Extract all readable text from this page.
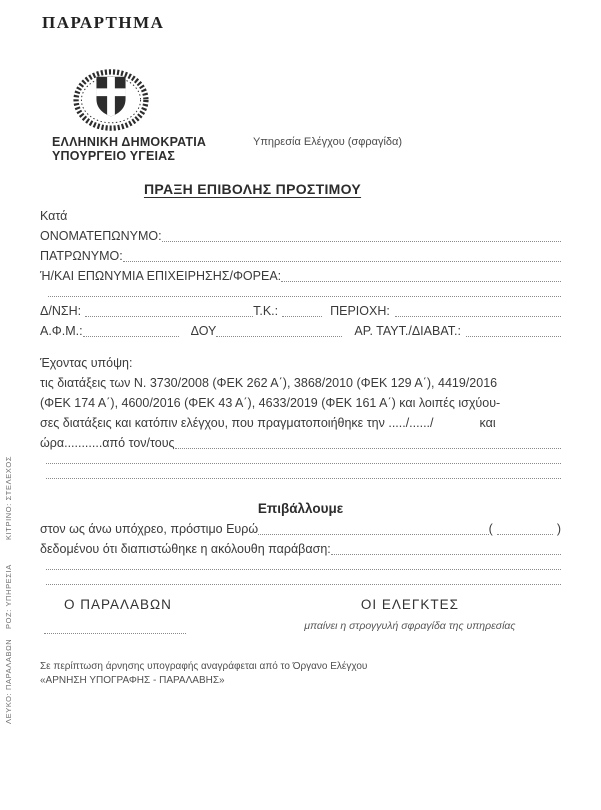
ΚΙΤΡΙΝΟ: ΣΤΕΛΕΧΟΣ
ΡΟΖ: ΥΠΗΡΕΣΙΑ
ΛΕΥΚΟ: ΠΑΡΑΛΑΒΩΝ
ΠΑΡΑΡΤΗΜΑ
ΕΛΛΗΝΙΚΗ ΔΗΜΟΚΡΑΤΙΑ
ΥΠΟΥΡΓΕΙΟ ΥΓΕΙΑΣ
Υπηρεσία Ελέγχου (σφραγίδα)
ΠΡΑΞΗ ΕΠΙΒΟΛΗΣ ΠΡΟΣΤΙΜΟΥ
Κατά
ΟΝΟΜΑΤΕΠΩΝΥΜΟ:
ΠΑΤΡΩΝΥΜΟ:
Ή/ΚΑΙ ΕΠΩΝΥΜΙΑ ΕΠΙΧΕΙΡΗΣΗΣ/ΦΟΡΕΑ:
Δ/ΝΣΗ:	Τ.Κ.:	ΠΕΡΙΟΧΗ:
Α.Φ.Μ.:	ΔΟΥ	ΑΡ. ΤΑΥΤ./ΔΙΑΒΑΤ.:
Έχοντας υπόψη:
τις διατάξεις των Ν. 3730/2008 (ΦΕΚ 262 Α΄), 3868/2010 (ΦΕΚ 129 Α΄), 4419/2016
(ΦΕΚ 174 Α΄), 4600/2016 (ΦΕΚ 43 Α΄), 4633/2019 (ΦΕΚ 161 Α΄) και λοιπές ισχύου-
σες διατάξεις και κατόπιν ελέγχου, που πραγματοποιήθηκε την ...../....../	και
ώρα...........από τον/τους
Επιβάλλουμε
στον ως άνω υπόχρεο, πρόστιμο Ευρώ	(	)
δεδομένου ότι διαπιστώθηκε η ακόλουθη παράβαση:
Ο ΠΑΡΑΛΑΒΩΝ	ΟΙ ΕΛΕΓΚΤΕΣ
μπαίνει η στρογγυλή σφραγίδα της υπηρεσίας
Σε περίπτωση άρνησης υπογραφής αναγράφεται από το Όργανο Ελέγχου
«ΑΡΝΗΣΗ ΥΠΟΓΡΑΦΗΣ - ΠΑΡΑΛΑΒΗΣ»
